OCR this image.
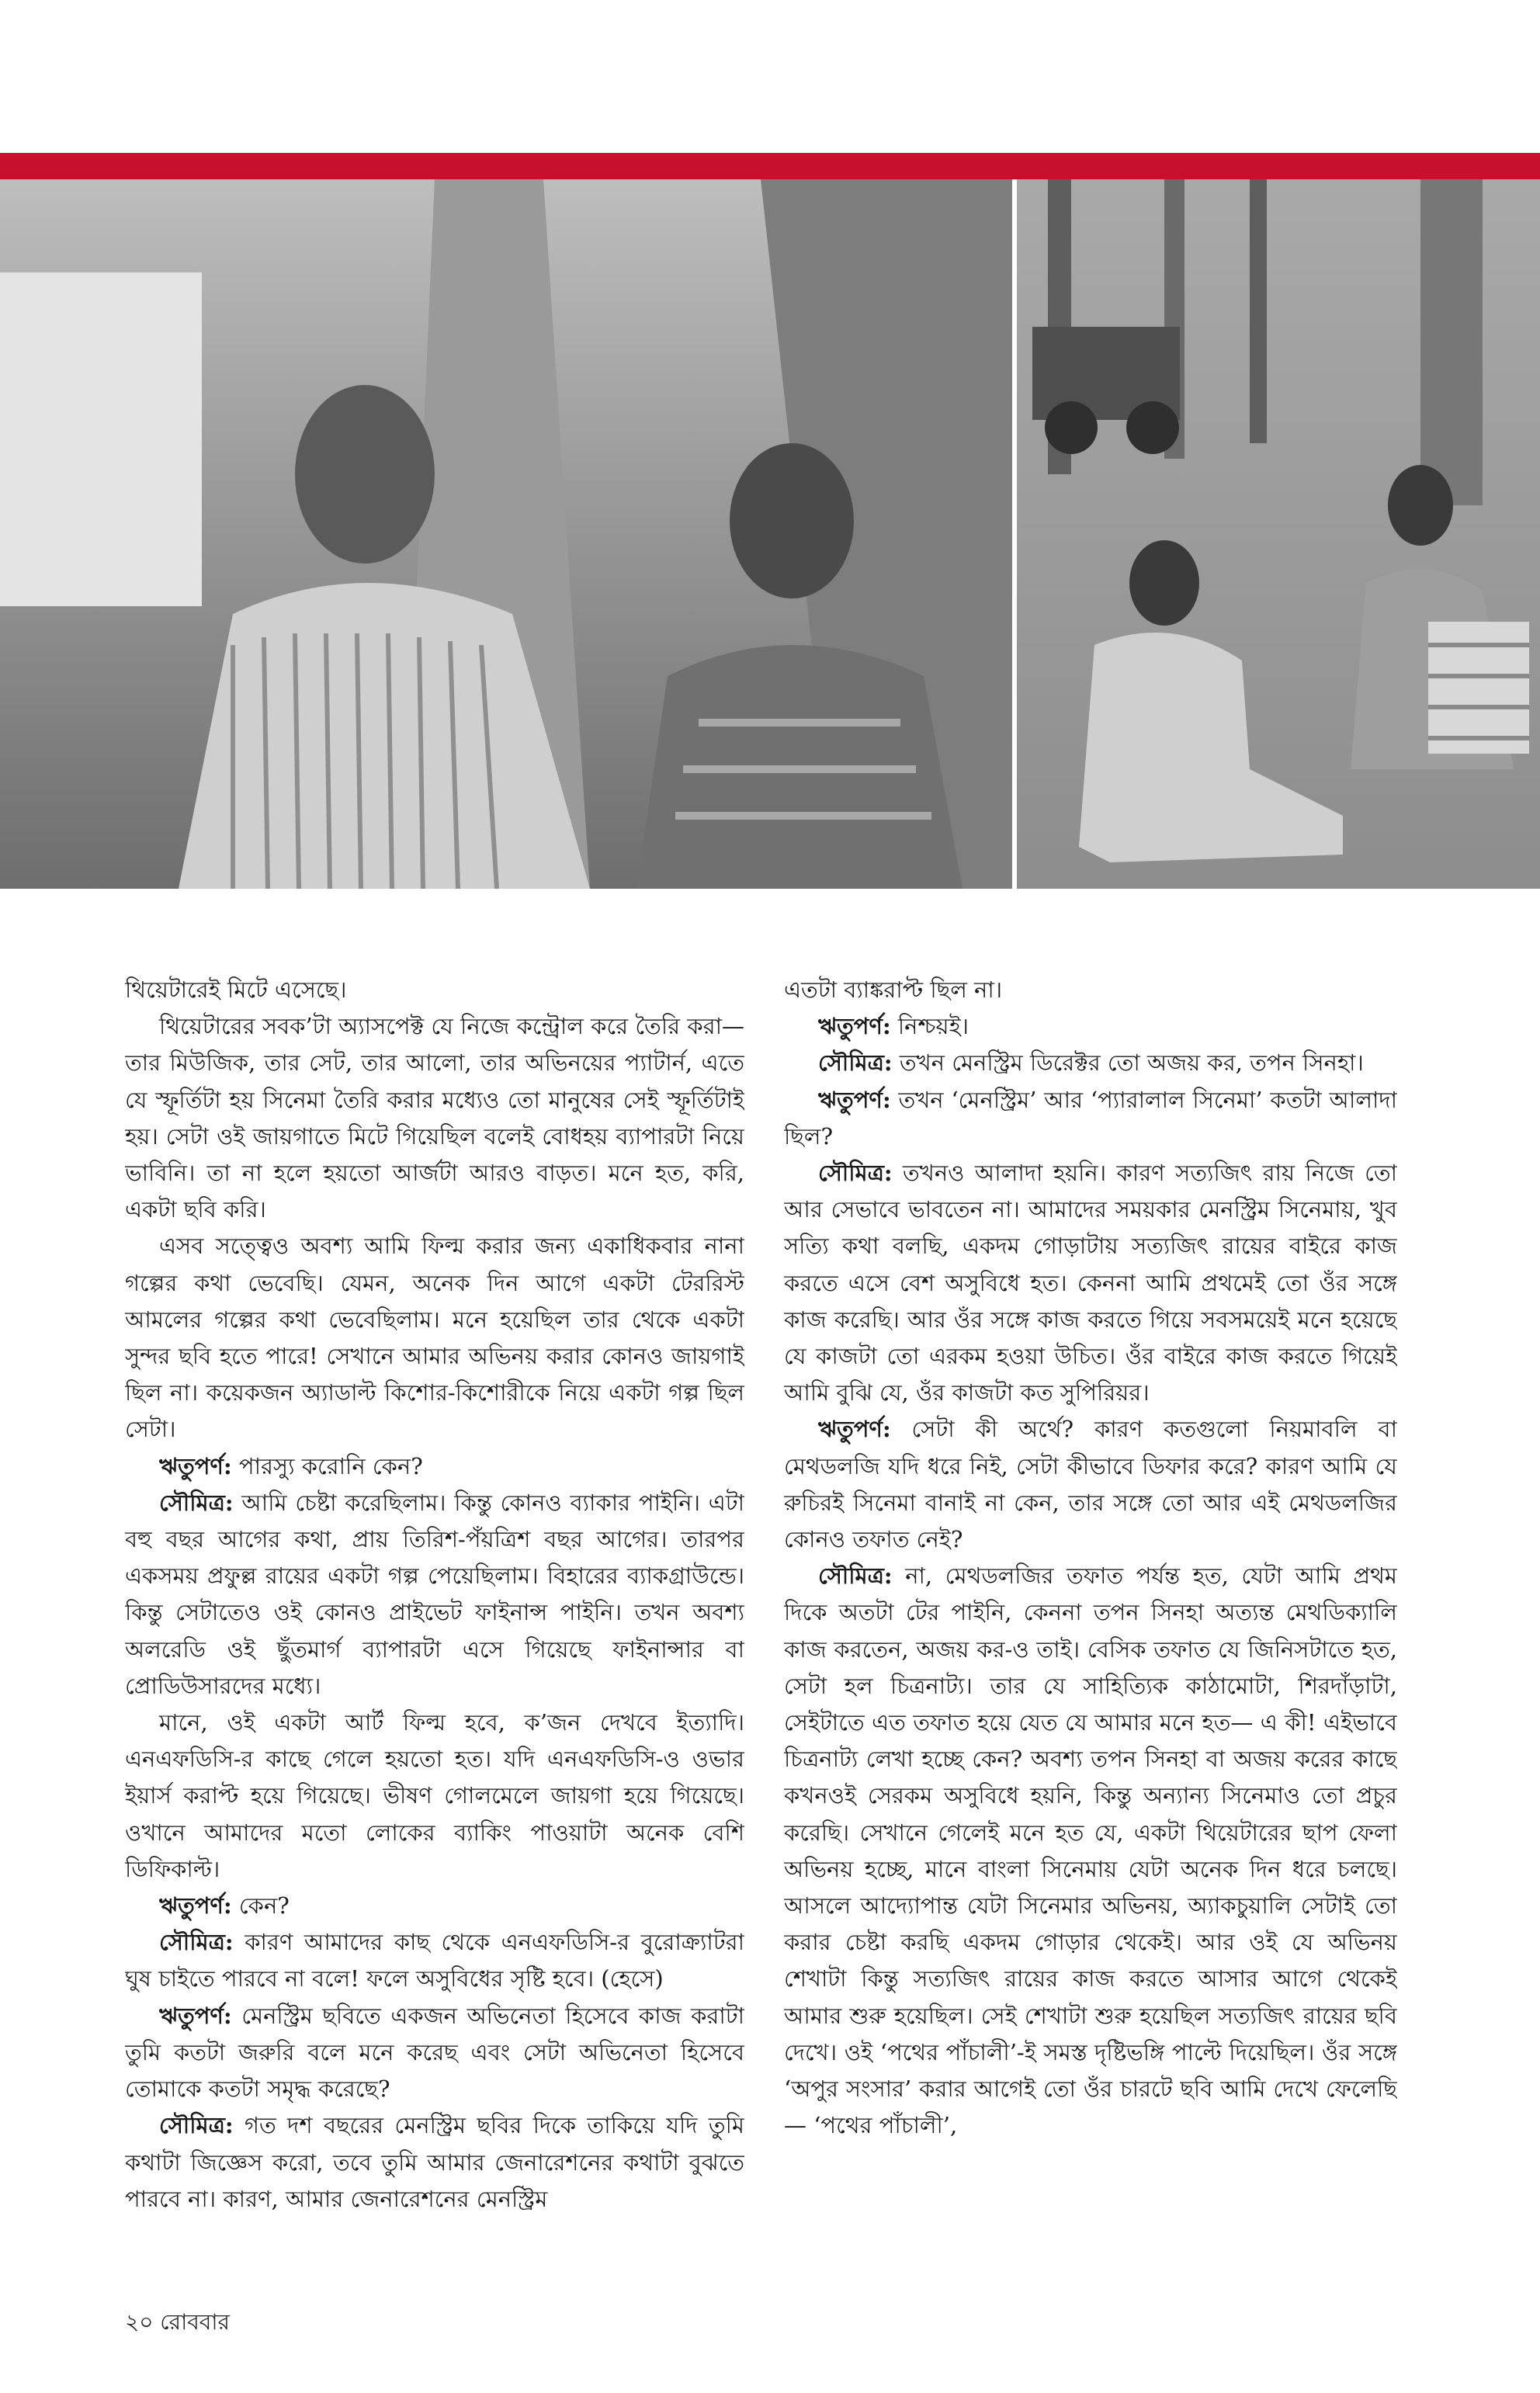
থিয়েটারেই মিটে এসেছে।

থিয়েটারের সবক’টা অ্যাসপেক্ট যে নিজে কন্ট্রোল করে তৈরি করা— তার মিউজিক, তার সেট, তার আলো, তার অভিনয়ের প্যাটার্ন, এতে যে স্ফূর্তিটা হয় সিনেমা তৈরি করার মধ্যেও তো মানুষের সেই স্ফূর্তিটাই হয়। সেটা ওই জায়গাতে মিটে গিয়েছিল বলেই বোধহয় ব্যাপারটা নিয়ে ভাবিনি। তা না হলে হয়তো আর্জটা আরও বাড়ত। মনে হত, করি, একটা ছবি করি।

এসব সত্ত্বেও অবশ্য আমি ফিল্ম করার জন্য একাধিকবার নানা গল্পের কথা ভেবেছি। যেমন, অনেক দিন আগে একটা টেররিস্ট আমলের গল্পের কথা ভেবেছিলাম। মনে হয়েছিল তার থেকে একটা সুন্দর ছবি হতে পারে! সেখানে আমার অভিনয় করার কোনও জায়গাই ছিল না। কয়েকজন অ্যাডাল্ট কিশোর-কিশোরীকে নিয়ে একটা গল্প ছিল সেটা।

ঋতুপর্ণ: পারস্যু করোনি কেন?

সৌমিত্র: আমি চেষ্টা করেছিলাম। কিন্তু কোনও ব্যাকার পাইনি। এটা বহু বছর আগের কথা, প্রায় তিরিশ-পঁয়ত্রিশ বছর আগের। তারপর একসময় প্রফুল্ল রায়ের একটা গল্প পেয়েছিলাম। বিহারের ব্যাকগ্রাউন্ডে। কিন্তু সেটাতেও ওই কোনও প্রাইভেট ফাইনান্স পাইনি। তখন অবশ্য অলরেডি ওই ছুঁতমার্গ ব্যাপারটা এসে গিয়েছে ফাইনান্সার বা প্রোডিউসারদের মধ্যে।

মানে, ওই একটা আর্ট ফিল্ম হবে, ক’জন দেখবে ইত্যাদি। এনএফডিসি-র কাছে গেলে হয়তো হত। যদি এনএফডিসি-ও ওভার ইয়ার্স করাপ্ট হয়ে গিয়েছে। ভীষণ গোলমেলে জায়গা হয়ে গিয়েছে। ওখানে আমাদের মতো লোকের ব্যাকিং পাওয়াটা অনেক বেশি ডিফিকাল্ট।

ঋতুপর্ণ: কেন?

সৌমিত্র: কারণ আমাদের কাছ থেকে এনএফডিসি-র বুরোক্র্যাটরা ঘুষ চাইতে পারবে না বলে! ফলে অসুবিধের সৃষ্টি হবে। (হেসে)

ঋতুপর্ণ: মেনস্ট্রিম ছবিতে একজন অভিনেতা হিসেবে কাজ করাটা তুমি কতটা জরুরি বলে মনে করেছ এবং সেটা অভিনেতা হিসেবে তোমাকে কতটা সমৃদ্ধ করেছে?

সৌমিত্র: গত দশ বছরের মেনস্ট্রিম ছবির দিকে তাকিয়ে যদি তুমি কথাটা জিজ্ঞেস করো, তবে তুমি আমার জেনারেশনের কথাটা বুঝতে পারবে না। কারণ, আমার জেনারেশনের মেনস্ট্রিম

এতটা ব্যাঙ্করাপ্ট ছিল না।

ঋতুপর্ণ: নিশ্চয়ই।

সৌমিত্র: তখন মেনস্ট্রিম ডিরেক্টর তো অজয় কর, তপন সিনহা।

ঋতুপর্ণ: তখন ‘মেনস্ট্রিম’ আর ‘প্যারালাল সিনেমা’ কতটা আলাদা ছিল?

সৌমিত্র: তখনও আলাদা হয়নি। কারণ সত্যজিৎ রায় নিজে তো আর সেভাবে ভাবতেন না। আমাদের সময়কার মেনস্ট্রিম সিনেমায়, খুব সত্যি কথা বলছি, একদম গোড়াটায় সত্যজিৎ রায়ের বাইরে কাজ করতে এসে বেশ অসুবিধে হত। কেননা আমি প্রথমেই তো ওঁর সঙ্গে কাজ করেছি। আর ওঁর সঙ্গে কাজ করতে গিয়ে সবসময়েই মনে হয়েছে যে কাজটা তো এরকম হওয়া উচিত। ওঁর বাইরে কাজ করতে গিয়েই আমি বুঝি যে, ওঁর কাজটা কত সুপিরিয়র।

ঋতুপর্ণ: সেটা কী অর্থে? কারণ কতগুলো নিয়মাবলি বা মেথডলজি যদি ধরে নিই, সেটা কীভাবে ডিফার করে? কারণ আমি যে রুচিরই সিনেমা বানাই না কেন, তার সঙ্গে তো আর এই মেথডলজির কোনও তফাত নেই?

সৌমিত্র: না, মেথডলজির তফাত পর্যন্ত হত, যেটা আমি প্রথম দিকে অতটা টের পাইনি, কেননা তপন সিনহা অত্যন্ত মেথডিক্যালি কাজ করতেন, অজয় কর-ও তাই। বেসিক তফাত যে জিনিসটাতে হত, সেটা হল চিত্রনাট্য। তার যে সাহিত্যিক কাঠামোটা, শিরদাঁড়াটা, সেইটাতে এত তফাত হয়ে যেত যে আমার মনে হত— এ কী! এইভাবে চিত্রনাট্য লেখা হচ্ছে কেন? অবশ্য তপন সিনহা বা অজয় করের কাছে কখনওই সেরকম অসুবিধে হয়নি, কিন্তু অন্যান্য সিনেমাও তো প্রচুর করেছি। সেখানে গেলেই মনে হত যে, একটা থিয়েটারের ছাপ ফেলা অভিনয় হচ্ছে, মানে বাংলা সিনেমায় যেটা অনেক দিন ধরে চলছে। আসলে আদ্যোপান্ত যেটা সিনেমার অভিনয়, অ্যাকচুয়ালি সেটাই তো করার চেষ্টা করছি একদম গোড়ার থেকেই। আর ওই যে অভিনয় শেখাটা কিন্তু সত্যজিৎ রায়ের কাজ করতে আসার আগে থেকেই আমার শুরু হয়েছিল। সেই শেখাটা শুরু হয়েছিল সত্যজিৎ রায়ের ছবি দেখে। ওই ‘পথের পাঁচালী’-ই সমস্ত দৃষ্টিভঙ্গি পাল্টে দিয়েছিল। ওঁর সঙ্গে ‘অপুর সংসার’ করার আগেই তো ওঁর চারটে ছবি আমি দেখে ফেলেছি— ‘পথের পাঁচালী’,

২০ রোববার
